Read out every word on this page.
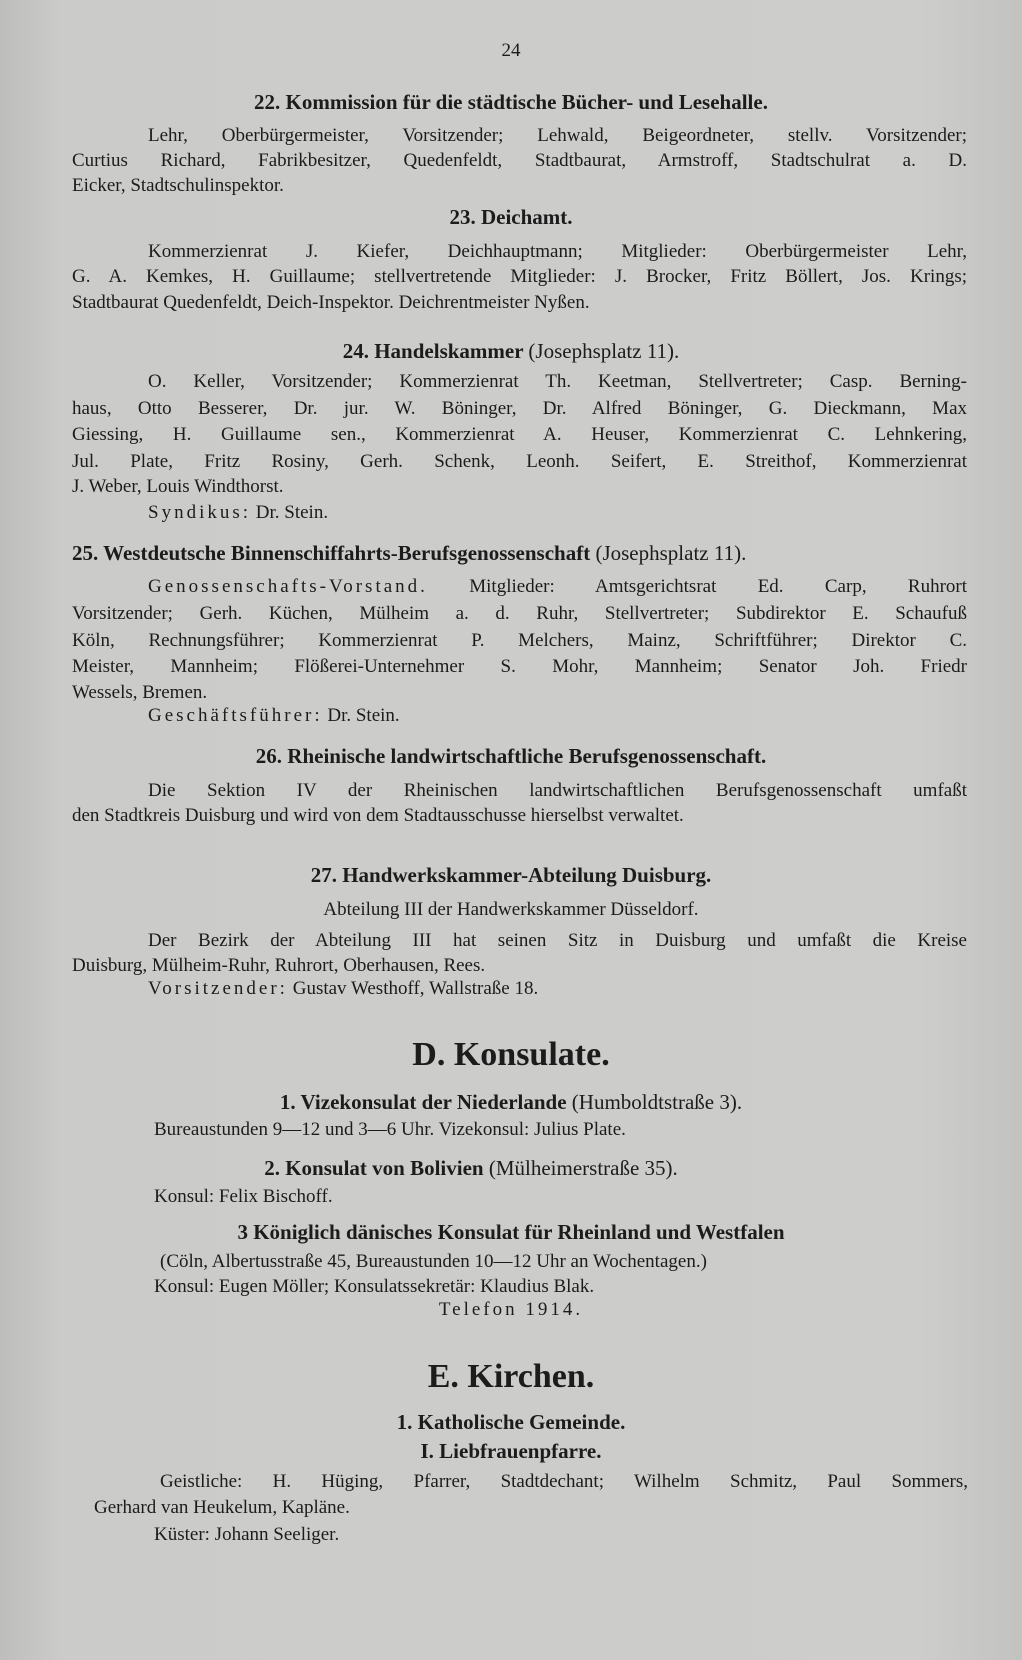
24
22. Kommission für die städtische Bücher- und Lesehalle.
Lehr, Oberbürgermeister, Vorsitzender; Lehwald, Beigeordneter, stellv. Vorsitzender;
Curtius Richard, Fabrikbesitzer, Quedenfeldt, Stadtbaurat, Armstroff, Stadtschulrat a. D.
Eicker, Stadtschulinspektor.
23. Deichamt.
Kommerzienrat J. Kiefer, Deichhauptmann; Mitglieder: Oberbürgermeister Lehr,
G. A. Kemkes, H. Guillaume; stellvertretende Mitglieder: J. Brocker, Fritz Böllert, Jos. Krings;
Stadtbaurat Quedenfeldt, Deich-Inspektor. Deichrentmeister Nyßen.
24. Handelskammer (Josephsplatz 11).
O. Keller, Vorsitzender; Kommerzienrat Th. Keetman, Stellvertreter; Casp. Berning-
haus, Otto Besserer, Dr. jur. W. Böninger, Dr. Alfred Böninger, G. Dieckmann, Max
Giessing, H. Guillaume sen., Kommerzienrat A. Heuser, Kommerzienrat C. Lehnkering,
Jul. Plate, Fritz Rosiny, Gerh. Schenk, Leonh. Seifert, E. Streithof, Kommerzienrat
J. Weber, Louis Windthorst.
Syndikus: Dr. Stein.
25. Westdeutsche Binnenschiffahrts-Berufsgenossenschaft (Josephsplatz 11).
Genossenschafts-Vorstand. Mitglieder: Amtsgerichtsrat Ed. Carp, Ruhrort
Vorsitzender; Gerh. Küchen, Mülheim a. d. Ruhr, Stellvertreter; Subdirektor E. Schaufuß
Köln, Rechnungsführer; Kommerzienrat P. Melchers, Mainz, Schriftführer; Direktor C.
Meister, Mannheim; Flößerei-Unternehmer S. Mohr, Mannheim; Senator Joh. Friedr
Wessels, Bremen.
Geschäftsführer: Dr. Stein.
26. Rheinische landwirtschaftliche Berufsgenossenschaft.
Die Sektion IV der Rheinischen landwirtschaftlichen Berufsgenossenschaft umfaßt
den Stadtkreis Duisburg und wird von dem Stadtausschusse hierselbst verwaltet.
27. Handwerkskammer-Abteilung Duisburg.
Abteilung III der Handwerkskammer Düsseldorf.
Der Bezirk der Abteilung III hat seinen Sitz in Duisburg und umfaßt die Kreise
Duisburg, Mülheim-Ruhr, Ruhrort, Oberhausen, Rees.
Vorsitzender: Gustav Westhoff, Wallstraße 18.
D. Konsulate.
1. Vizekonsulat der Niederlande (Humboldtstraße 3).
Bureaustunden 9—12 und 3—6 Uhr. Vizekonsul: Julius Plate.
2. Konsulat von Bolivien (Mülheimerstraße 35).
Konsul: Felix Bischoff.
3 Königlich dänisches Konsulat für Rheinland und Westfalen
(Cöln, Albertusstraße 45, Bureaustunden 10—12 Uhr an Wochentagen.)
Konsul: Eugen Möller; Konsulatssekretär: Klaudius Blak.
Telefon 1914.
E. Kirchen.
1. Katholische Gemeinde.
I. Liebfrauenpfarre.
Geistliche: H. Hüging, Pfarrer, Stadtdechant; Wilhelm Schmitz, Paul Sommers,
Gerhard van Heukelum, Kapläne.
Küster: Johann Seeliger.
